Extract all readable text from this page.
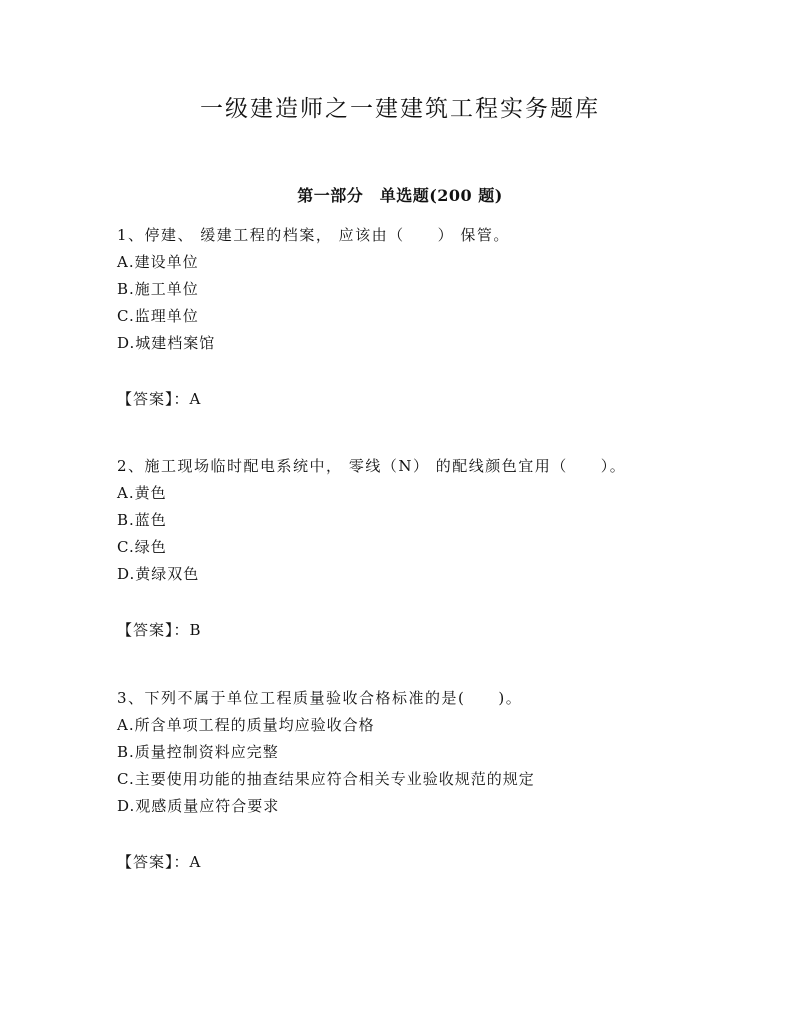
一级建造师之一建建筑工程实务题库
第一部分　单选题(200 题)
1、停建、 缓建工程的档案， 应该由（　　） 保管。
A.建设单位
B.施工单位
C.监理单位
D.城建档案馆
【答案】：A
2、施工现场临时配电系统中， 零线（N） 的配线颜色宜用（　　）。
A.黄色
B.蓝色
C.绿色
D.黄绿双色
【答案】：B
3、下列不属于单位工程质量验收合格标准的是(　　)。
A.所含单项工程的质量均应验收合格
B.质量控制资料应完整
C.主要使用功能的抽查结果应符合相关专业验收规范的规定
D.观感质量应符合要求
【答案】：A
